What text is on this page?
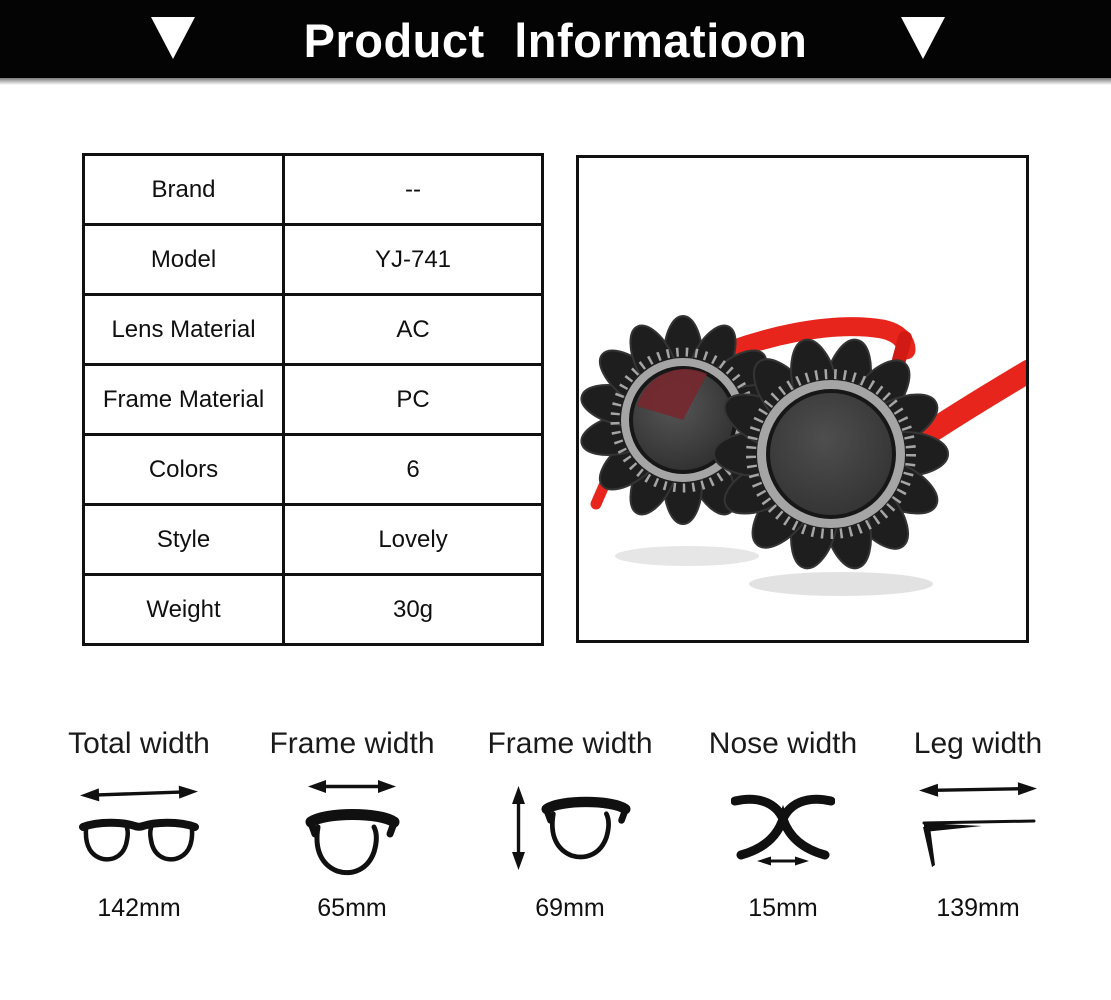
Product lnformatioon
Brand	--
Model	YJ-741
Lens Material	AC
Frame Material	PC
Colors	6
Style	Lovely
Weight	30g
Total width
142mm
Frame width
65mm
Frame width
69mm
Nose width
15mm
Leg width
139mm
